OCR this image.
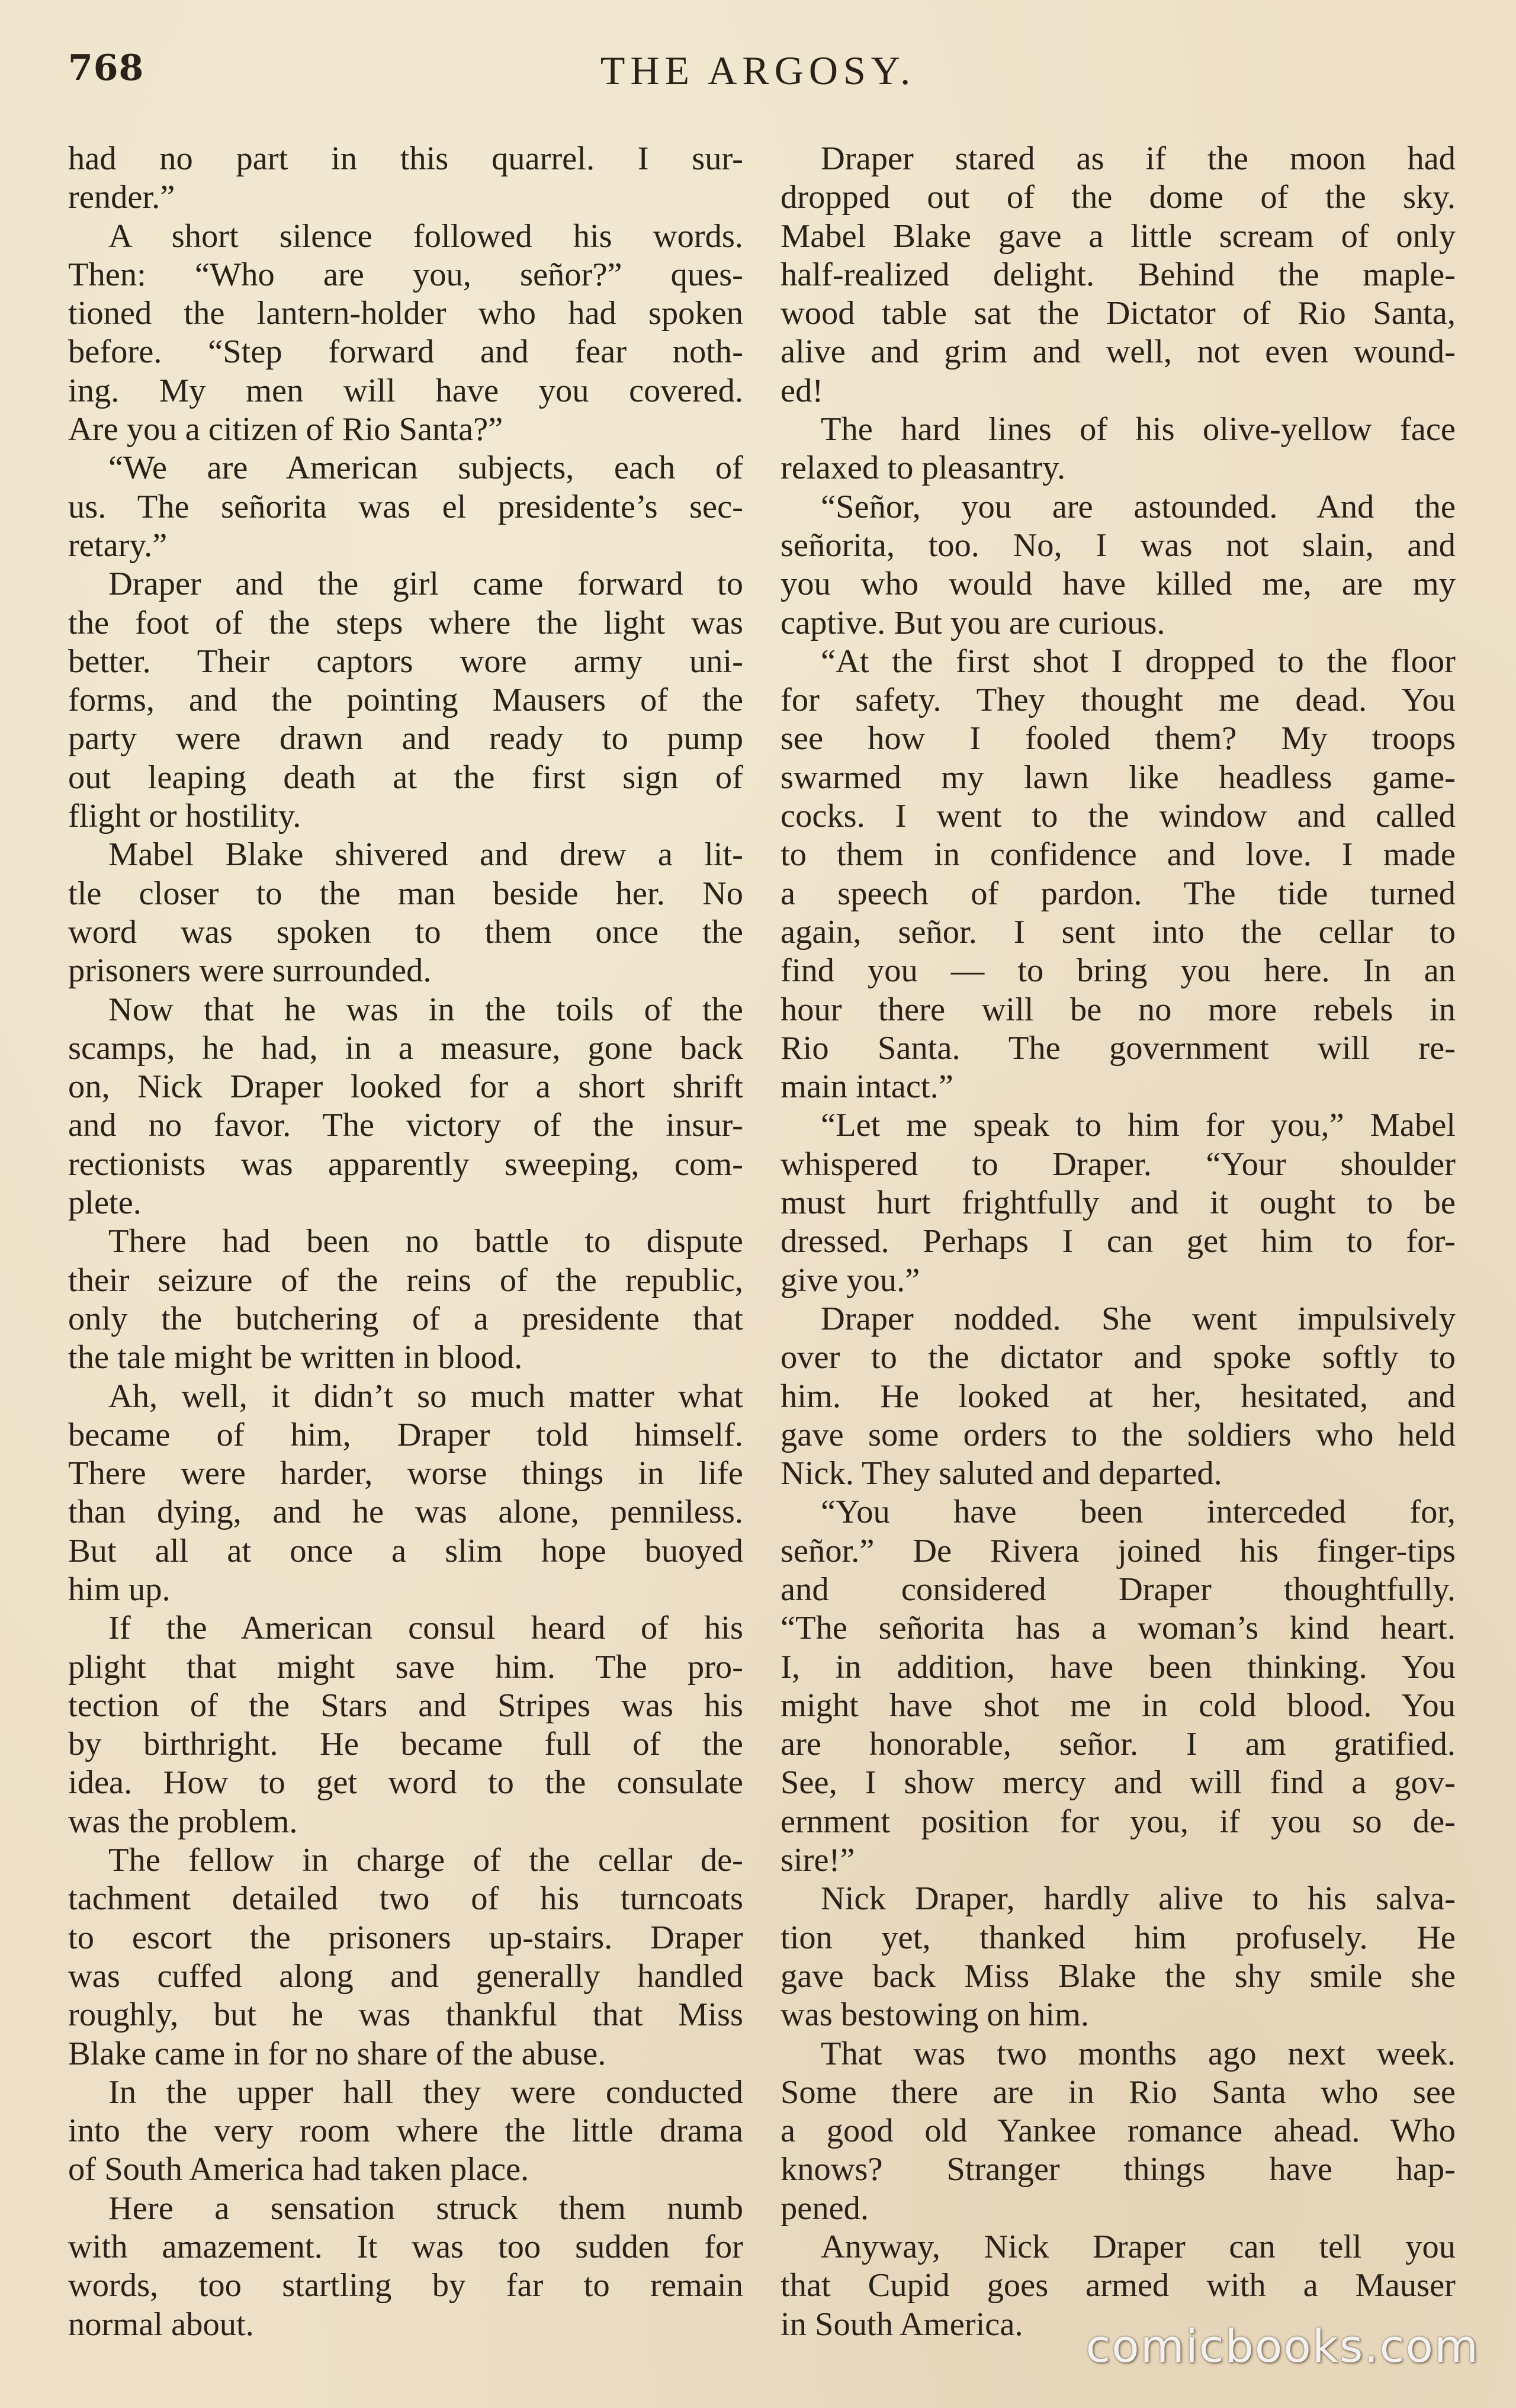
768	THE ARGOSY.
had no part in this quarrel. I sur-
render.”
A short silence followed his words.
Then: “Who are you, señor?” ques-
tioned the lantern-holder who had spoken
before. “Step forward and fear noth-
ing. My men will have you covered.
Are you a citizen of Rio Santa?”
“We are American subjects, each of
us. The señorita was el presidente’s sec-
retary.”
Draper and the girl came forward to
the foot of the steps where the light was
better. Their captors wore army uni-
forms, and the pointing Mausers of the
party were drawn and ready to pump
out leaping death at the first sign of
flight or hostility.
Mabel Blake shivered and drew a lit-
tle closer to the man beside her. No
word was spoken to them once the
prisoners were surrounded.
Now that he was in the toils of the
scamps, he had, in a measure, gone back
on, Nick Draper looked for a short shrift
and no favor. The victory of the insur-
rectionists was apparently sweeping, com-
plete.
There had been no battle to dispute
their seizure of the reins of the republic,
only the butchering of a presidente that
the tale might be written in blood.
Ah, well, it didn’t so much matter what
became of him, Draper told himself.
There were harder, worse things in life
than dying, and he was alone, penniless.
But all at once a slim hope buoyed
him up.
If the American consul heard of his
plight that might save him. The pro-
tection of the Stars and Stripes was his
by birthright. He became full of the
idea. How to get word to the consulate
was the problem.
The fellow in charge of the cellar de-
tachment detailed two of his turncoats
to escort the prisoners up-stairs. Draper
was cuffed along and generally handled
roughly, but he was thankful that Miss
Blake came in for no share of the abuse.
In the upper hall they were conducted
into the very room where the little drama
of South America had taken place.
Here a sensation struck them numb
with amazement. It was too sudden for
words, too startling by far to remain
normal about.
Draper stared as if the moon had
dropped out of the dome of the sky.
Mabel Blake gave a little scream of only
half-realized delight. Behind the maple-
wood table sat the Dictator of Rio Santa,
alive and grim and well, not even wound-
ed!
The hard lines of his olive-yellow face
relaxed to pleasantry.
“Señor, you are astounded. And the
señorita, too. No, I was not slain, and
you who would have killed me, are my
captive. But you are curious.
“At the first shot I dropped to the floor
for safety. They thought me dead. You
see how I fooled them? My troops
swarmed my lawn like headless game-
cocks. I went to the window and called
to them in confidence and love. I made
a speech of pardon. The tide turned
again, señor. I sent into the cellar to
find you — to bring you here. In an
hour there will be no more rebels in
Rio Santa. The government will re-
main intact.”
“Let me speak to him for you,” Mabel
whispered to Draper. “Your shoulder
must hurt frightfully and it ought to be
dressed. Perhaps I can get him to for-
give you.”
Draper nodded. She went impulsively
over to the dictator and spoke softly to
him. He looked at her, hesitated, and
gave some orders to the soldiers who held
Nick. They saluted and departed.
“You have been interceded for,
señor.” De Rivera joined his finger-tips
and considered Draper thoughtfully.
“The señorita has a woman’s kind heart.
I, in addition, have been thinking. You
might have shot me in cold blood. You
are honorable, señor. I am gratified.
See, I show mercy and will find a gov-
ernment position for you, if you so de-
sire!”
Nick Draper, hardly alive to his salva-
tion yet, thanked him profusely. He
gave back Miss Blake the shy smile she
was bestowing on him.
That was two months ago next week.
Some there are in Rio Santa who see
a good old Yankee romance ahead. Who
knows? Stranger things have hap-
pened.
Anyway, Nick Draper can tell you
that Cupid goes armed with a Mauser
in South America.	comicbooks.com
